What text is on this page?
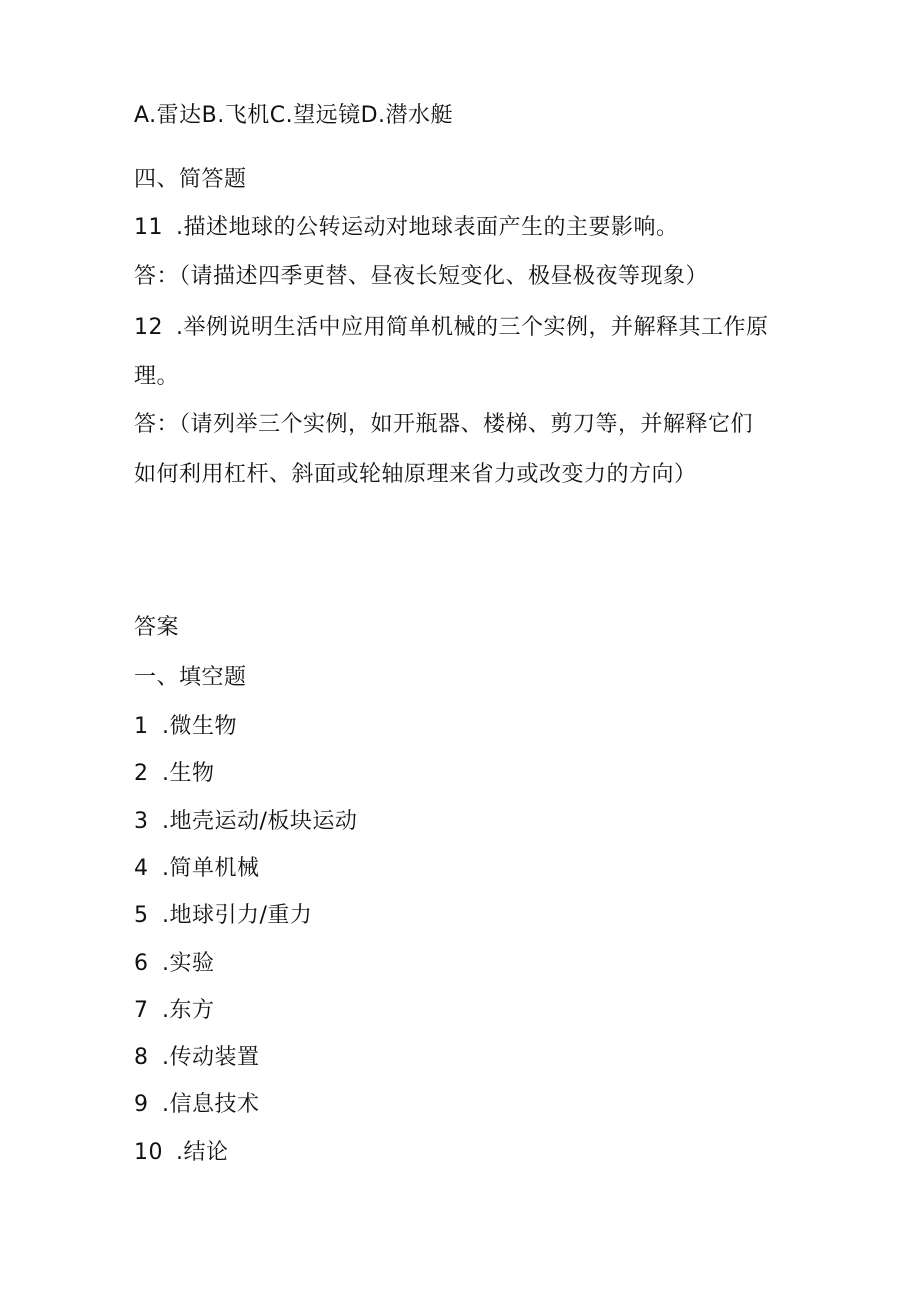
A.雷达B.飞机C.望远镜D.潜水艇
四、简答题
11 .描述地球的公转运动对地球表面产生的主要影响。
答：（请描述四季更替、昼夜长短变化、极昼极夜等现象）
12 .举例说明生活中应用简单机械的三个实例，并解释其工作原
理。
答：（请列举三个实例，如开瓶器、楼梯、剪刀等，并解释它们
如何利用杠杆、斜面或轮轴原理来省力或改变力的方向）
答案
一、填空题
1 .微生物
2 .生物
3 .地壳运动/板块运动
4 .简单机械
5 .地球引力/重力
6 .实验
7 .东方
8 .传动装置
9 .信息技术
10 .结论
